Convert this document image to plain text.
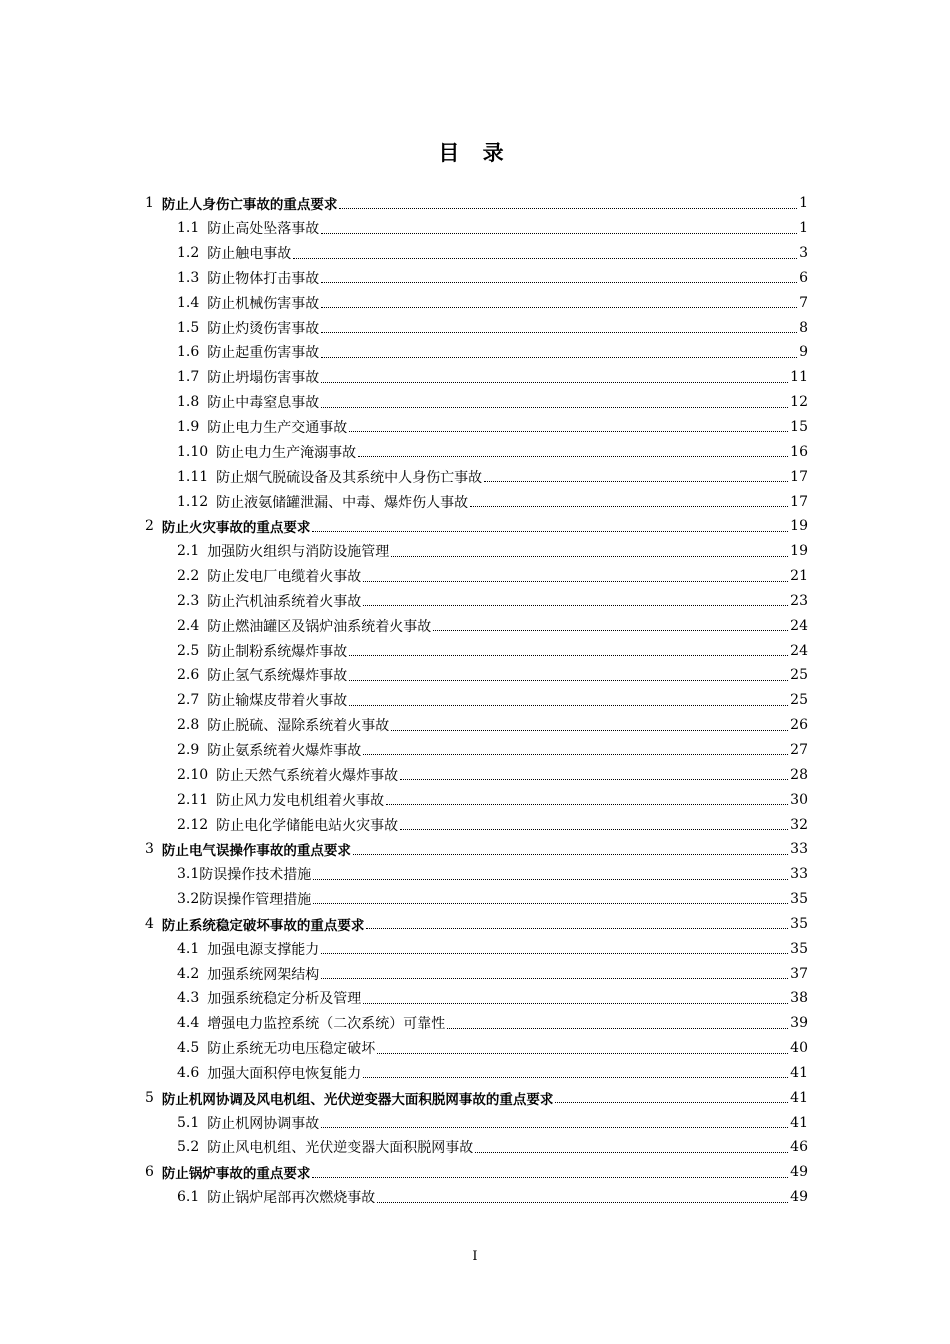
目 录
1 防止人身伤亡事故的重点要求	1
1.1 防止高处坠落事故	1
1.2 防止触电事故	3
1.3 防止物体打击事故	6
1.4 防止机械伤害事故	7
1.5 防止灼烫伤害事故	8
1.6 防止起重伤害事故	9
1.7 防止坍塌伤害事故	11
1.8 防止中毒窒息事故	12
1.9 防止电力生产交通事故	15
1.10 防止电力生产淹溺事故	16
1.11 防止烟气脱硫设备及其系统中人身伤亡事故	17
1.12 防止液氨储罐泄漏、中毒、爆炸伤人事故	17
2 防止火灾事故的重点要求	19
2.1 加强防火组织与消防设施管理	19
2.2 防止发电厂电缆着火事故	21
2.3 防止汽机油系统着火事故	23
2.4 防止燃油罐区及锅炉油系统着火事故	24
2.5 防止制粉系统爆炸事故	24
2.6 防止氢气系统爆炸事故	25
2.7 防止输煤皮带着火事故	25
2.8 防止脱硫、湿除系统着火事故	26
2.9 防止氨系统着火爆炸事故	27
2.10 防止天然气系统着火爆炸事故	28
2.11 防止风力发电机组着火事故	30
2.12 防止电化学储能电站火灾事故	32
3 防止电气误操作事故的重点要求	33
3.1 防误操作技术措施	33
3.2 防误操作管理措施	35
4 防止系统稳定破坏事故的重点要求	35
4.1 加强电源支撑能力	35
4.2 加强系统网架结构	37
4.3 加强系统稳定分析及管理	38
4.4 增强电力监控系统（二次系统）可靠性	39
4.5 防止系统无功电压稳定破坏	40
4.6 加强大面积停电恢复能力	41
5 防止机网协调及风电机组、光伏逆变器大面积脱网事故的重点要求	41
5.1 防止机网协调事故	41
5.2 防止风电机组、光伏逆变器大面积脱网事故	46
6 防止锅炉事故的重点要求	49
6.1 防止锅炉尾部再次燃烧事故	49
I
